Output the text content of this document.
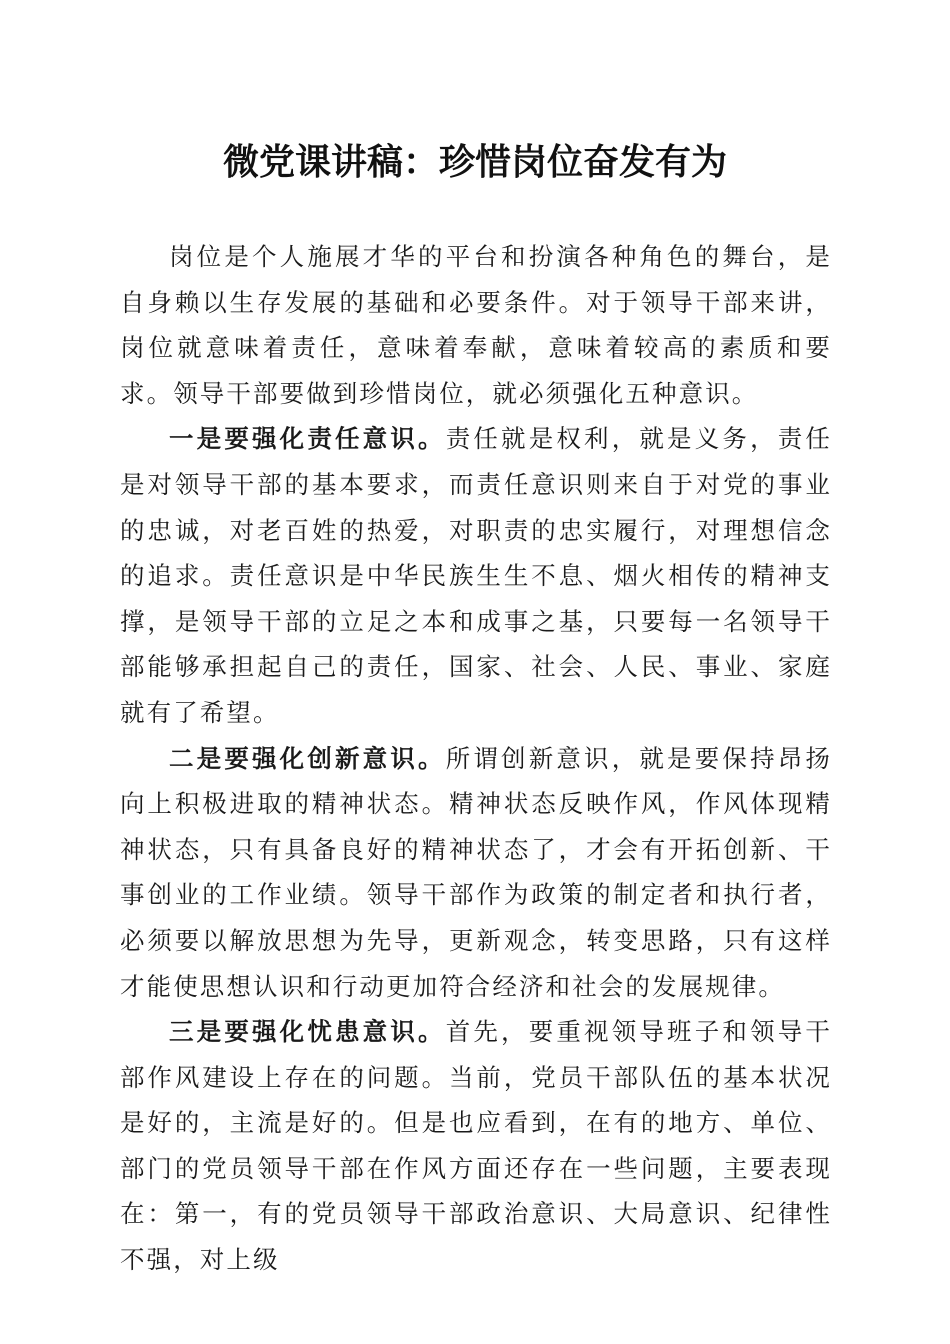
微党课讲稿：珍惜岗位奋发有为

岗位是个人施展才华的平台和扮演各种角色的舞台，是自身赖以生存发展的基础和必要条件。对于领导干部来讲，岗位就意味着责任，意味着奉献，意味着较高的素质和要求。领导干部要做到珍惜岗位，就必须强化五种意识。

一是要强化责任意识。责任就是权利，就是义务，责任是对领导干部的基本要求，而责任意识则来自于对党的事业的忠诚，对老百姓的热爱，对职责的忠实履行，对理想信念的追求。责任意识是中华民族生生不息、烟火相传的精神支撑，是领导干部的立足之本和成事之基，只要每一名领导干部能够承担起自己的责任，国家、社会、人民、事业、家庭就有了希望。

二是要强化创新意识。所谓创新意识，就是要保持昂扬向上积极进取的精神状态。精神状态反映作风，作风体现精神状态，只有具备良好的精神状态了，才会有开拓创新、干事创业的工作业绩。领导干部作为政策的制定者和执行者，必须要以解放思想为先导，更新观念，转变思路，只有这样才能使思想认识和行动更加符合经济和社会的发展规律。

三是要强化忧患意识。首先，要重视领导班子和领导干部作风建设上存在的问题。当前，党员干部队伍的基本状况是好的，主流是好的。但是也应看到，在有的地方、单位、部门的党员领导干部在作风方面还存在一些问题，主要表现在：第一，有的党员领导干部政治意识、大局意识、纪律性不强，对上级
